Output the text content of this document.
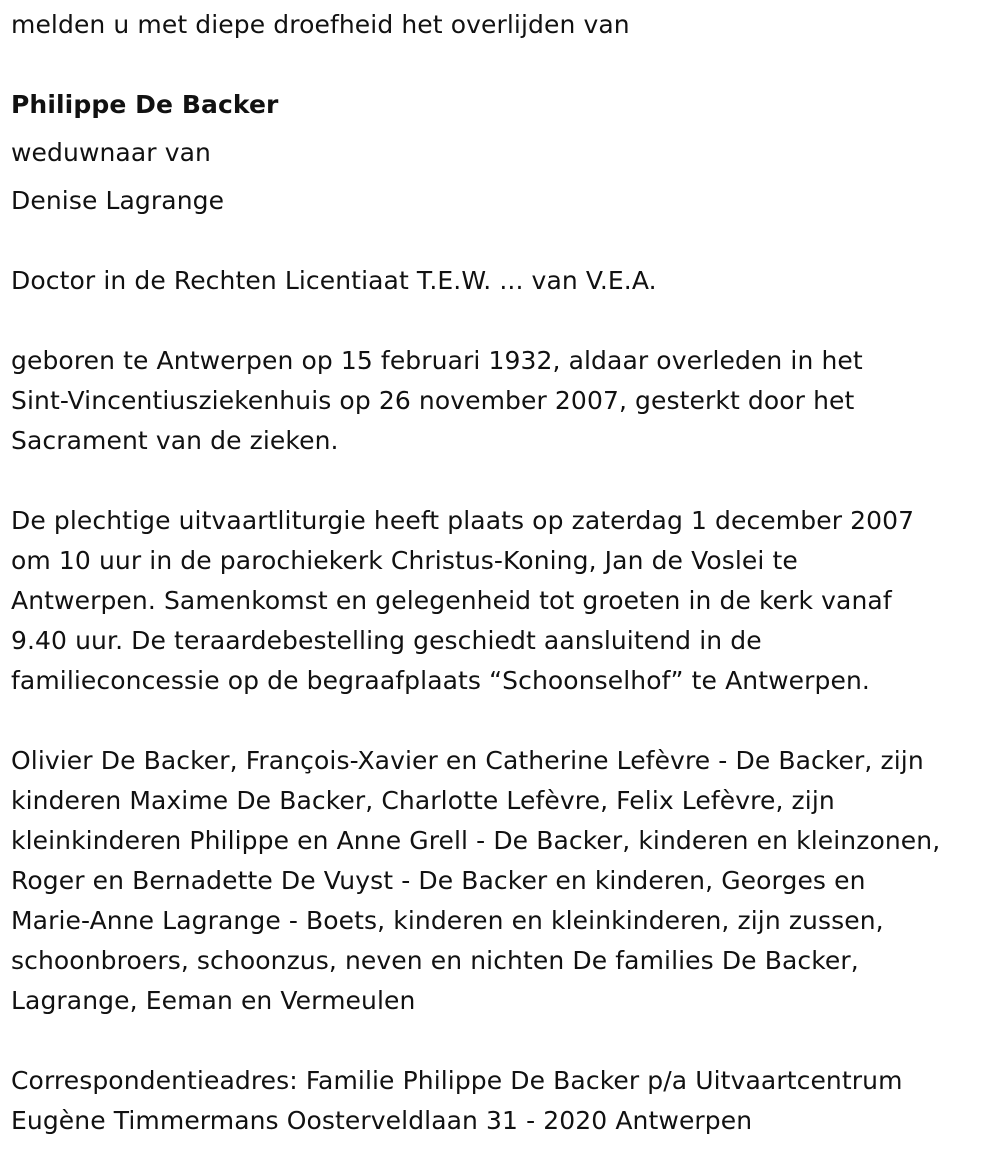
melden u met diepe droefheid het overlijden van
Philippe De Backer
weduwnaar van
Denise Lagrange
Doctor in de Rechten Licentiaat T.E.W. ... van V.E.A.
geboren te Antwerpen op 15 februari 1932, aldaar overleden in het
Sint-Vincentiusziekenhuis op 26 november 2007, gesterkt door het
Sacrament van de zieken.
De plechtige uitvaartliturgie heeft plaats op zaterdag 1 december 2007
om 10 uur in de parochiekerk Christus-Koning, Jan de Voslei te
Antwerpen. Samenkomst en gelegenheid tot groeten in de kerk vanaf
9.40 uur. De teraardebestelling geschiedt aansluitend in de
familieconcessie op de begraafplaats “Schoonselhof” te Antwerpen.
Olivier De Backer, François-Xavier en Catherine Lefèvre - De Backer, zijn
kinderen Maxime De Backer, Charlotte Lefèvre, Felix Lefèvre, zijn
kleinkinderen Philippe en Anne Grell - De Backer, kinderen en kleinzonen,
Roger en Bernadette De Vuyst - De Backer en kinderen, Georges en
Marie-Anne Lagrange - Boets, kinderen en kleinkinderen, zijn zussen,
schoonbroers, schoonzus, neven en nichten De families De Backer,
Lagrange, Eeman en Vermeulen
Correspondentieadres: Familie Philippe De Backer p/a Uitvaartcentrum
Eugène Timmermans Oosterveldlaan 31 - 2020 Antwerpen
